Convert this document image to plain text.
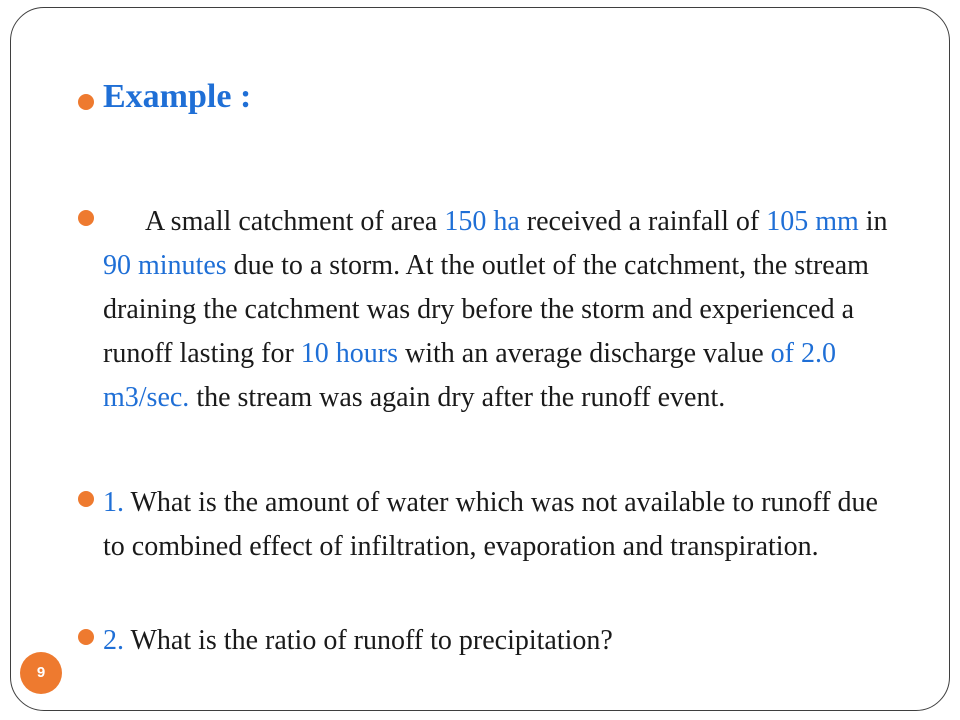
Example :
A small catchment of area 150 ha received a rainfall of 105 mm in 90 minutes due to a storm. At the outlet of the catchment, the stream draining the catchment was dry before the storm and experienced a runoff lasting for 10 hours with an average discharge value of 2.0 m3/sec. the stream was again dry after the runoff event.
1. What is the amount of water which was not available to runoff due to combined effect of infiltration, evaporation and transpiration.
2. What is the ratio of runoff to precipitation?
9
